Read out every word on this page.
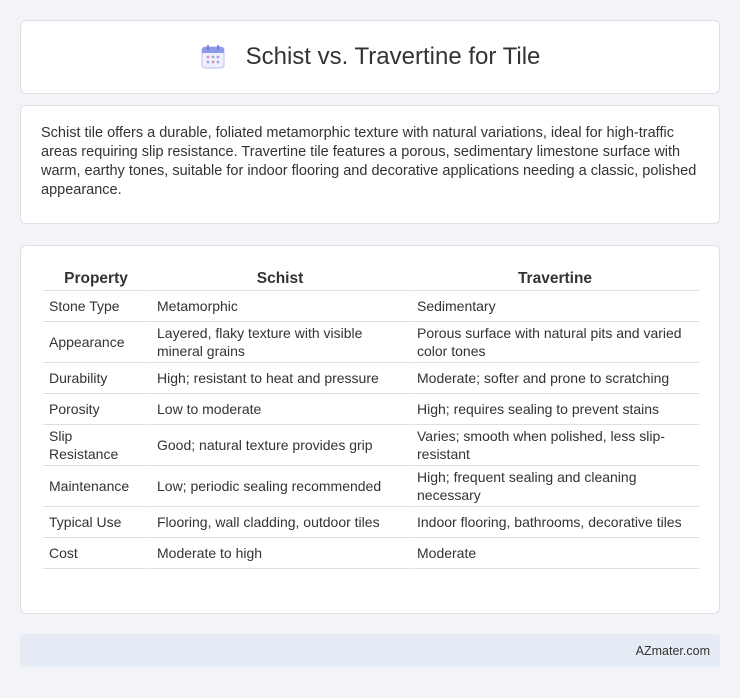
Schist vs. Travertine for Tile

Schist tile offers a durable, foliated metamorphic texture with natural variations, ideal for high-traffic areas requiring slip resistance. Travertine tile features a porous, sedimentary limestone surface with warm, earthy tones, suitable for indoor flooring and decorative applications needing a classic, polished appearance.

Property	Schist	Travertine
Stone Type	Metamorphic	Sedimentary
Appearance	Layered, flaky texture with visible mineral grains	Porous surface with natural pits and varied color tones
Durability	High; resistant to heat and pressure	Moderate; softer and prone to scratching
Porosity	Low to moderate	High; requires sealing to prevent stains
Slip Resistance	Good; natural texture provides grip	Varies; smooth when polished, less slip-resistant
Maintenance	Low; periodic sealing recommended	High; frequent sealing and cleaning necessary
Typical Use	Flooring, wall cladding, outdoor tiles	Indoor flooring, bathrooms, decorative tiles
Cost	Moderate to high	Moderate
AZmater.com
